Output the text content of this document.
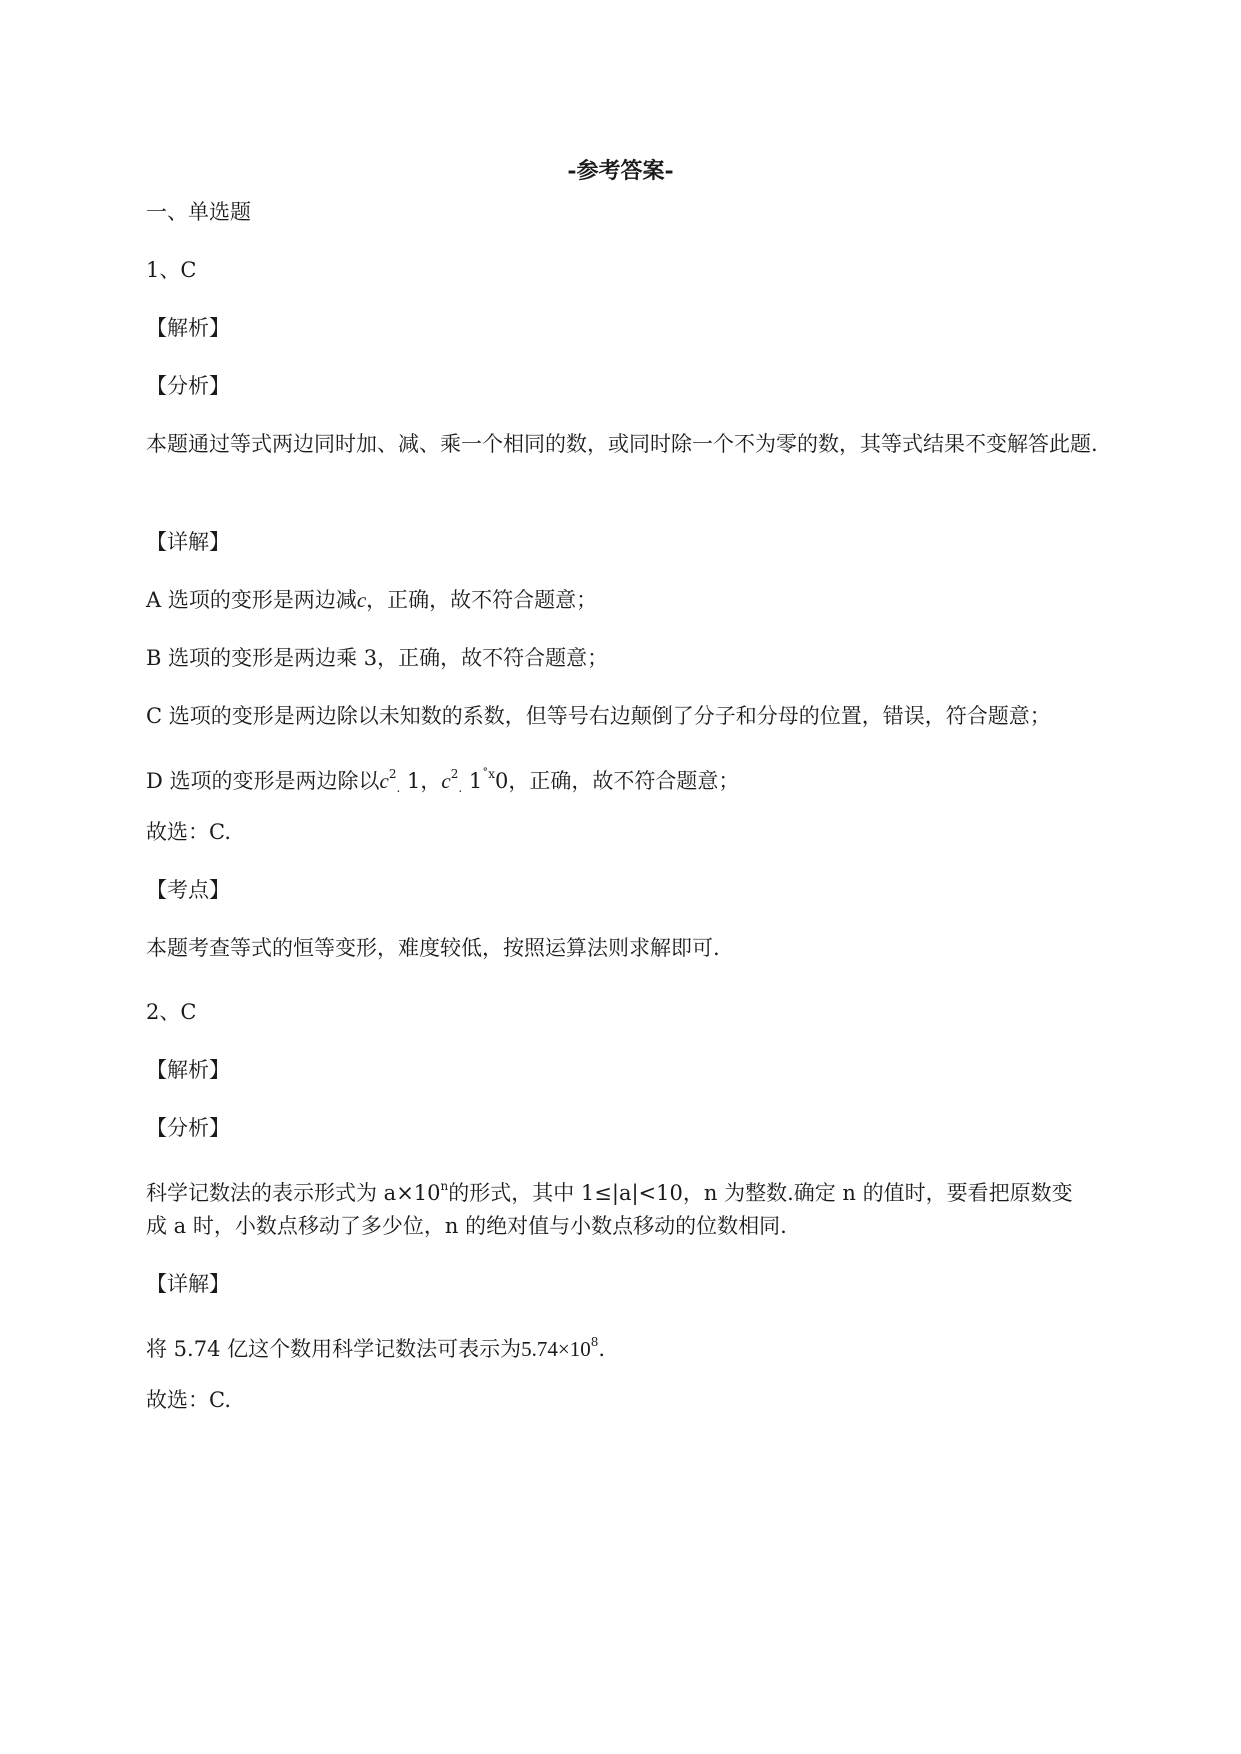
-参考答案-
一、单选题
1、C
【解析】
【分析】
本题通过等式两边同时加、减、乘一个相同的数，或同时除一个不为零的数，其等式结果不变解答此题.
【详解】
A 选项的变形是两边减c，正确，故不符合题意；
B 选项的变形是两边乘 3，正确，故不符合题意；
C 选项的变形是两边除以未知数的系数，但等号右边颠倒了分子和分母的位置，错误，符合题意；
D 选项的变形是两边除以$c^2_.$ 1，$c^2_.$ $1^{˚x}0$，正确，故不符合题意；
故选：C.
【考点】
本题考查等式的恒等变形，难度较低，按照运算法则求解即可.
2、C
【解析】
【分析】
科学记数法的表示形式为 $a\times 10^n$的形式，其中 1≤|a|<10，n 为整数.确定 n 的值时，要看把原数变
成 a 时，小数点移动了多少位，n 的绝对值与小数点移动的位数相同.
【详解】
将 5.74 亿这个数用科学记数法可表示为$5.74\times 10^8$.
故选：C.
